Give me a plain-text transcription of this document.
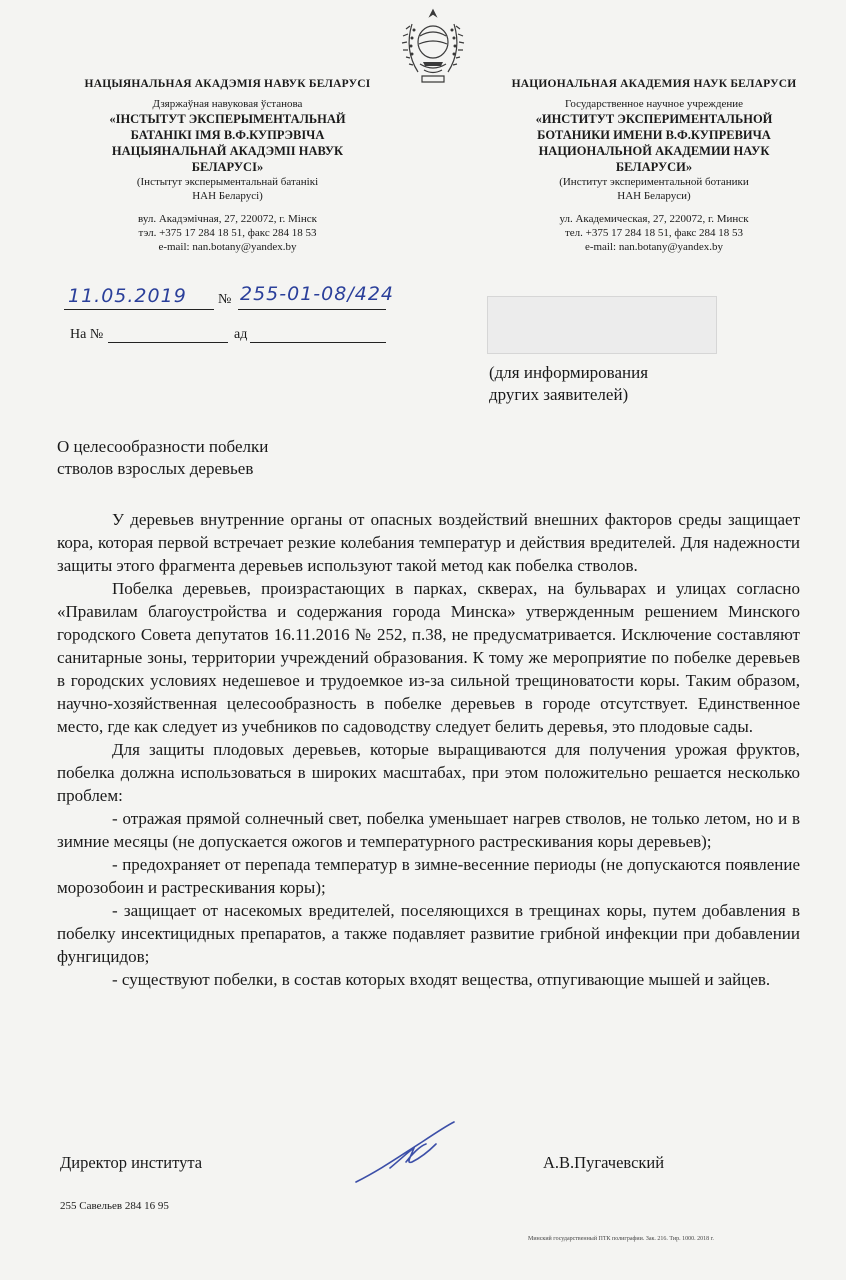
НАЦЫЯНАЛЬНАЯ АКАДЭМІЯ НАВУК БЕЛАРУСІ
Дзяржаўная навуковая ўстанова
«ІНСТЫТУТ ЭКСПЕРЫМЕНТАЛЬНАЙ
БАТАНІКІ ІМЯ В.Ф.КУПРЭВІЧА
НАЦЫЯНАЛЬНАЙ АКАДЭМІІ НАВУК
БЕЛАРУСІ»
(Інстытут эксперыментальнай батанікі
НАН Беларусі)
вул. Акадэмічная, 27, 220072, г. Мінск
тэл. +375 17 284 18 51, факс 284 18 53
e-mail: nan.botany@yandex.by
НАЦИОНАЛЬНАЯ АКАДЕМИЯ НАУК БЕЛАРУСИ
Государственное научное учреждение
«ИНСТИТУТ ЭКСПЕРИМЕНТАЛЬНОЙ
БОТАНИКИ ИМЕНИ В.Ф.КУПРЕВИЧА
НАЦИОНАЛЬНОЙ АКАДЕМИИ НАУК
БЕЛАРУСИ»
(Институт экспериментальной ботаники
НАН Беларуси)
ул. Академическая, 27, 220072, г. Минск
тел. +375 17 284 18 51, факс 284 18 53
e-mail: nan.botany@yandex.by
11.05.2019	№ 255-01-08/424
На №	ад
(для информирования
других заявителей)
О целесообразности побелки
стволов взрослых деревьев

У деревьев внутренние органы от опасных воздействий внешних факторов среды защищает кора, которая первой встречает резкие колебания температур и действия вредителей. Для надежности защиты этого фрагмента деревьев используют такой метод как побелка стволов.

Побелка деревьев, произрастающих в парках, скверах, на бульварах и улицах согласно «Правилам благоустройства и содержания города Минска» утвержденным решением Минского городского Совета депутатов 16.11.2016 № 252, п.38, не предусматривается. Исключение составляют санитарные зоны, территории учреждений образования. К тому же мероприятие по побелке деревьев в городских условиях недешевое и трудоемкое из-за сильной трещиноватости коры. Таким образом, научно-хозяйственная целесообразность в побелке деревьев в городе отсутствует. Единственное место, где как следует из учебников по садоводству следует белить деревья, это плодовые сады.

Для защиты плодовых деревьев, которые выращиваются для получения урожая фруктов, побелка должна использоваться в широких масштабах, при этом положительно решается несколько проблем:

- отражая прямой солнечный свет, побелка уменьшает нагрев стволов, не только летом, но и в зимние месяцы (не допускается ожогов и температурного растрескивания коры деревьев);

- предохраняет от перепада температур в зимне-весенние периоды (не допускаются появление морозобоин и растрескивания коры);

- защищает от насекомых вредителей, поселяющихся в трещинах коры, путем добавления в побелку инсектицидных препаратов, а также подавляет развитие грибной инфекции при добавлении фунгицидов;

- существуют побелки, в состав которых входят вещества, отпугивающие мышей и зайцев.

Директор института	А.В.Пугачевский
255 Савельев 284 16 95
Минский государственный ПТК полиграфии. Зак. 216. Тир. 1000. 2018 г.
